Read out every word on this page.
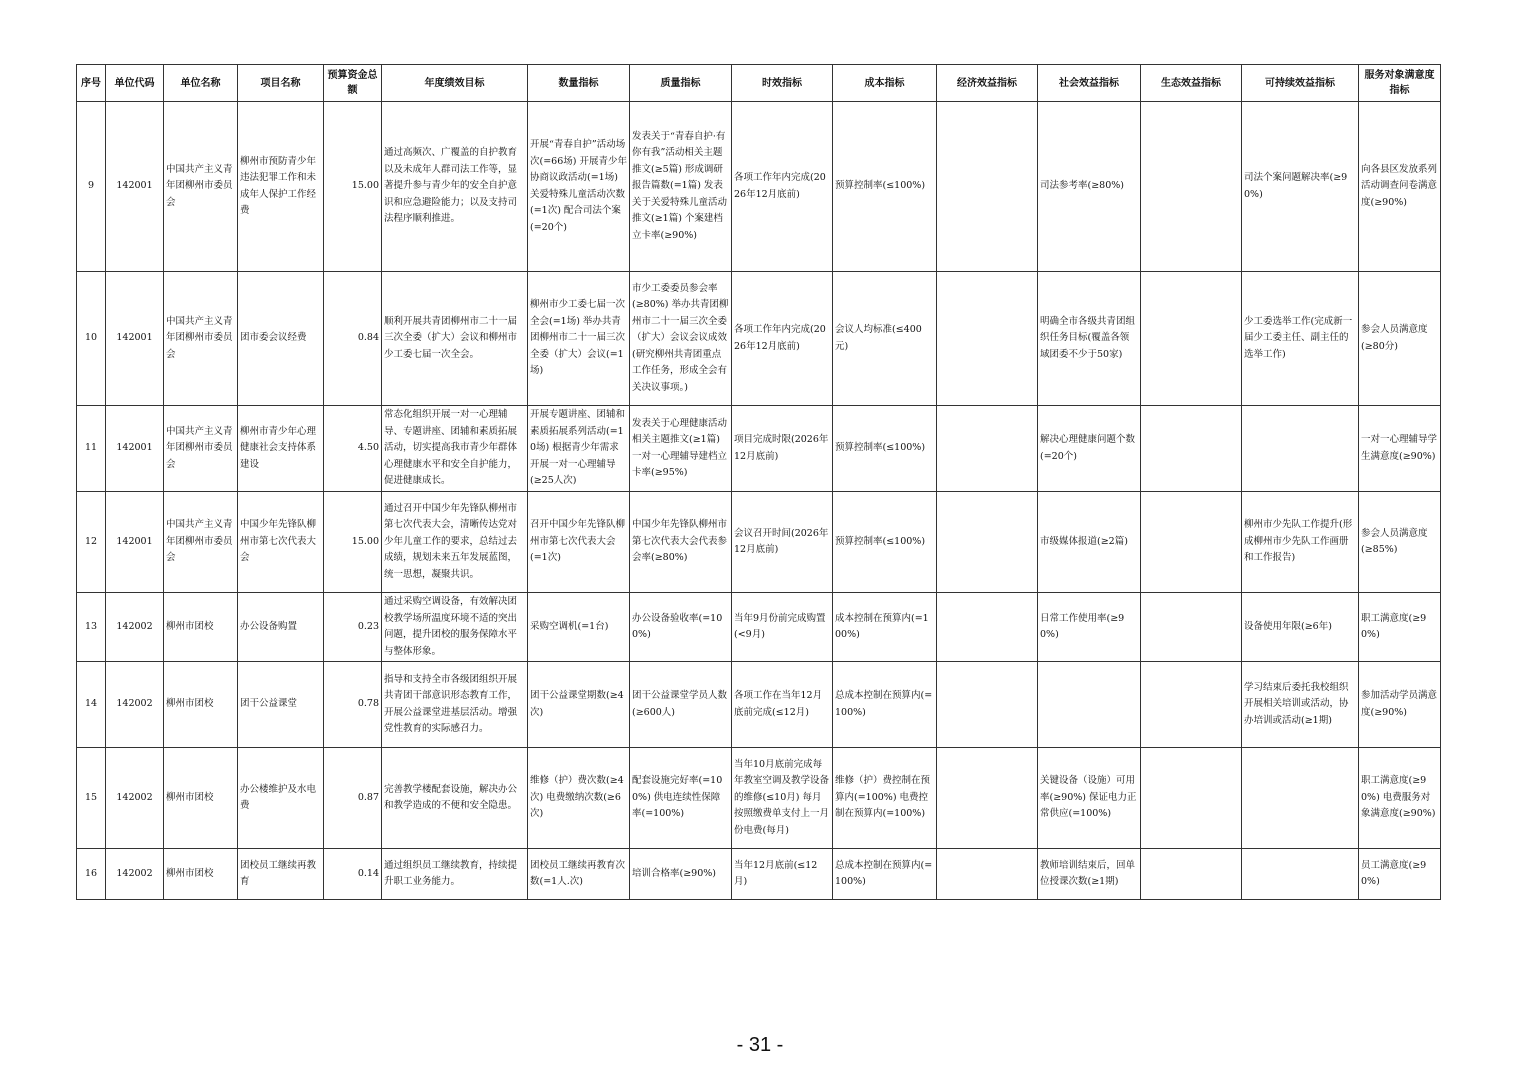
序号	单位代码	单位名称	项目名称	预算资金总额	年度绩效目标	数量指标	质量指标	时效指标	成本指标	经济效益指标	社会效益指标	生态效益指标	可持续效益指标	服务对象满意度指标
9	142001	中国共产主义青年团柳州市委员会	柳州市预防青少年违法犯罪工作和未成年人保护工作经费	15.00	通过高频次、广覆盖的自护教育以及未成年人群司法工作等，显著提升参与青少年的安全自护意识和应急避险能力；以及支持司法程序顺利推进。	开展“青春自护”活动场次(=66场) 开展青少年协商议政活动(=1场) 关爱特殊儿童活动次数(=1次) 配合司法个案(=20个)	发表关于“青春自护·有你有我”活动相关主题推文(≥5篇) 形成调研报告篇数(=1篇) 发表关于关爱特殊儿童活动推文(≥1篇) 个案建档立卡率(≥90%)	各项工作年内完成(2026年12月底前)	预算控制率(≤100%)		司法参考率(≥80%)		司法个案问题解决率(≥90%)	向各县区发放系列活动调查问卷满意度(≥90%)
10	142001	中国共产主义青年团柳州市委员会	团市委会议经费	0.84	顺利开展共青团柳州市二十一届三次全委（扩大）会议和柳州市少工委七届一次全会。	柳州市少工委七届一次全会(=1场) 举办共青团柳州市二十一届三次全委（扩大）会议(=1场)	市少工委委员参会率(≥80%) 举办共青团柳州市二十一届三次全委（扩大）会议会议成效(研究柳州共青团重点工作任务，形成全会有关决议事项。)	各项工作年内完成(2026年12月底前)	会议人均标准(≤400元)		明确全市各级共青团组织任务目标(覆盖各领域团委不少于50家)		少工委选举工作(完成新一届少工委主任、副主任的选举工作)	参会人员满意度(≥80分)
11	142001	中国共产主义青年团柳州市委员会	柳州市青少年心理健康社会支持体系建设	4.50	常态化组织开展一对一心理辅导、专题讲座、团辅和素质拓展活动，切实提高我市青少年群体心理健康水平和安全自护能力，促进健康成长。	开展专题讲座、团辅和素质拓展系列活动(=10场) 根据青少年需求开展一对一心理辅导(≥25人次)	发表关于心理健康活动相关主题推文(≥1篇) 一对一心理辅导建档立卡率(≥95%)	项目完成时限(2026年12月底前)	预算控制率(≤100%)		解决心理健康问题个数(=20个)			一对一心理辅导学生满意度(≥90%)
12	142001	中国共产主义青年团柳州市委员会	中国少年先锋队柳州市第七次代表大会	15.00	通过召开中国少年先锋队柳州市第七次代表大会，清晰传达党对少年儿童工作的要求，总结过去成绩，规划未来五年发展蓝图，统一思想，凝聚共识。	召开中国少年先锋队柳州市第七次代表大会(=1次)	中国少年先锋队柳州市第七次代表大会代表参会率(≥80%)	会议召开时间(2026年12月底前)	预算控制率(≤100%)		市级媒体报道(≥2篇)		柳州市少先队工作提升(形成柳州市少先队工作画册和工作报告)	参会人员满意度(≥85%)
13	142002	柳州市团校	办公设备购置	0.23	通过采购空调设备，有效解决团校教学场所温度环境不适的突出问题，提升团校的服务保障水平与整体形象。	采购空调机(=1台)	办公设备验收率(=100%)	当年9月份前完成购置(<9月)	成本控制在预算内(=100%)		日常工作使用率(≥90%)		设备使用年限(≥6年)	职工满意度(≥90%)
14	142002	柳州市团校	团干公益课堂	0.78	指导和支持全市各级团组织开展共青团干部意识形态教育工作，开展公益课堂进基层活动。增强党性教育的实际感召力。	团干公益课堂期数(≥4次)	团干公益课堂学员人数(≥600人)	各项工作在当年12月底前完成(≤12月)	总成本控制在预算内(=100%)				学习结束后委托我校组织开展相关培训或活动，协办培训或活动(≥1期)	参加活动学员满意度(≥90%)
15	142002	柳州市团校	办公楼维护及水电费	0.87	完善教学楼配套设施，解决办公和教学造成的不便和安全隐患。	维修（护）费次数(≥4次) 电费缴纳次数(≥6次)	配套设施完好率(=100%) 供电连续性保障率(=100%)	当年10月底前完成每年教室空调及教学设备的维修(≤10月) 每月按照缴费单支付上一月份电费(每月)	维修（护）费控制在预算内(=100%) 电费控制在预算内(=100%)		关键设备（设施）可用率(≥90%) 保证电力正常供应(=100%)			职工满意度(≥90%) 电费服务对象满意度(≥90%)
16	142002	柳州市团校	团校员工继续再教育	0.14	通过组织员工继续教育，持续提升职工业务能力。	团校员工继续再教育次数(=1人.次)	培训合格率(≥90%)	当年12月底前(≤12月)	总成本控制在预算内(=100%)		教师培训结束后，回单位授课次数(≥1期)			员工满意度(≥90%)
- 31 -
